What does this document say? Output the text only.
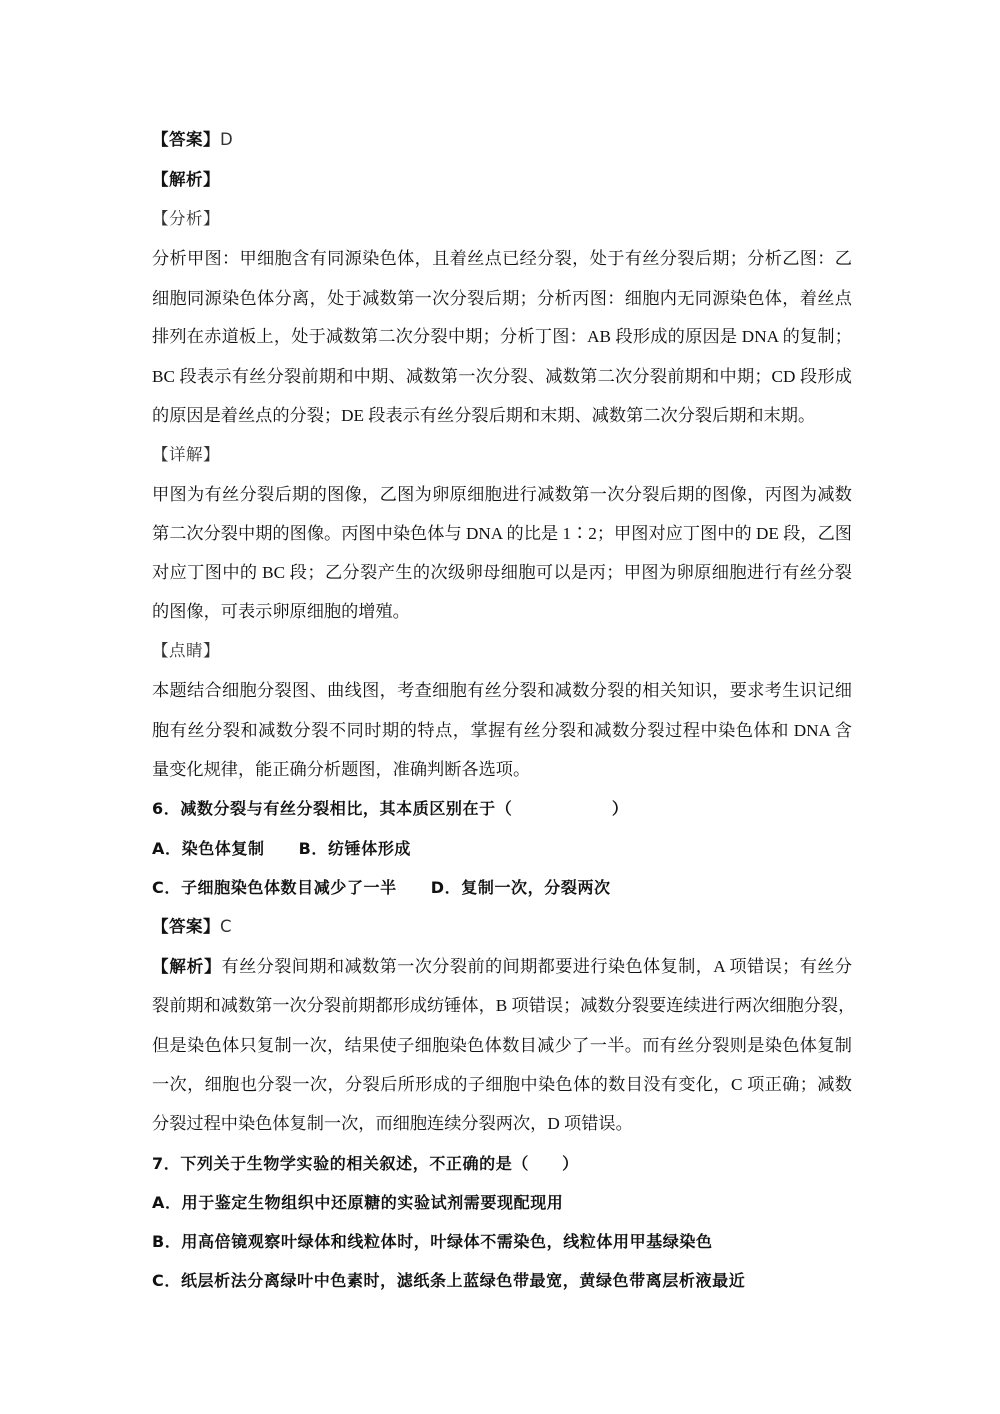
【答案】D
【解析】
【分析】
分析甲图：甲细胞含有同源染色体，且着丝点已经分裂，处于有丝分裂后期；分析乙图：乙
细胞同源染色体分离，处于减数第一次分裂后期；分析丙图：细胞内无同源染色体，着丝点
排列在赤道板上，处于减数第二次分裂中期；分析丁图：AB 段形成的原因是 DNA 的复制；
BC 段表示有丝分裂前期和中期、减数第一次分裂、减数第二次分裂前期和中期；CD 段形成
的原因是着丝点的分裂；DE 段表示有丝分裂后期和末期、减数第二次分裂后期和末期。
【详解】
甲图为有丝分裂后期的图像，乙图为卵原细胞进行减数第一次分裂后期的图像，丙图为减数
第二次分裂中期的图像。丙图中染色体与 DNA 的比是 1∶2；甲图对应丁图中的 DE 段，乙图
对应丁图中的 BC 段；乙分裂产生的次级卵母细胞可以是丙；甲图为卵原细胞进行有丝分裂
的图像，可表示卵原细胞的增殖。
【点睛】
本题结合细胞分裂图、曲线图，考查细胞有丝分裂和减数分裂的相关知识，要求考生识记细
胞有丝分裂和减数分裂不同时期的特点，掌握有丝分裂和减数分裂过程中染色体和 DNA 含
量变化规律，能正确分析题图，准确判断各选项。
6．减数分裂与有丝分裂相比，其本质区别在于（　　　　　　）
A．染色体复制 B．纺锤体形成
C．子细胞染色体数目减少了一半 D．复制一次，分裂两次
【答案】C
【解析】有丝分裂间期和减数第一次分裂前的间期都要进行染色体复制，A 项错误；有丝分
裂前期和减数第一次分裂前期都形成纺锤体，B 项错误；减数分裂要连续进行两次细胞分裂，
但是染色体只复制一次，结果使子细胞染色体数目减少了一半。而有丝分裂则是染色体复制
一次，细胞也分裂一次，分裂后所形成的子细胞中染色体的数目没有变化，C 项正确；减数
分裂过程中染色体复制一次，而细胞连续分裂两次，D 项错误。
7．下列关于生物学实验的相关叙述，不正确的是（　　）
A．用于鉴定生物组织中还原糖的实验试剂需要现配现用
B．用高倍镜观察叶绿体和线粒体时，叶绿体不需染色，线粒体用甲基绿染色
C．纸层析法分离绿叶中色素时，滤纸条上蓝绿色带最宽，黄绿色带离层析液最近
